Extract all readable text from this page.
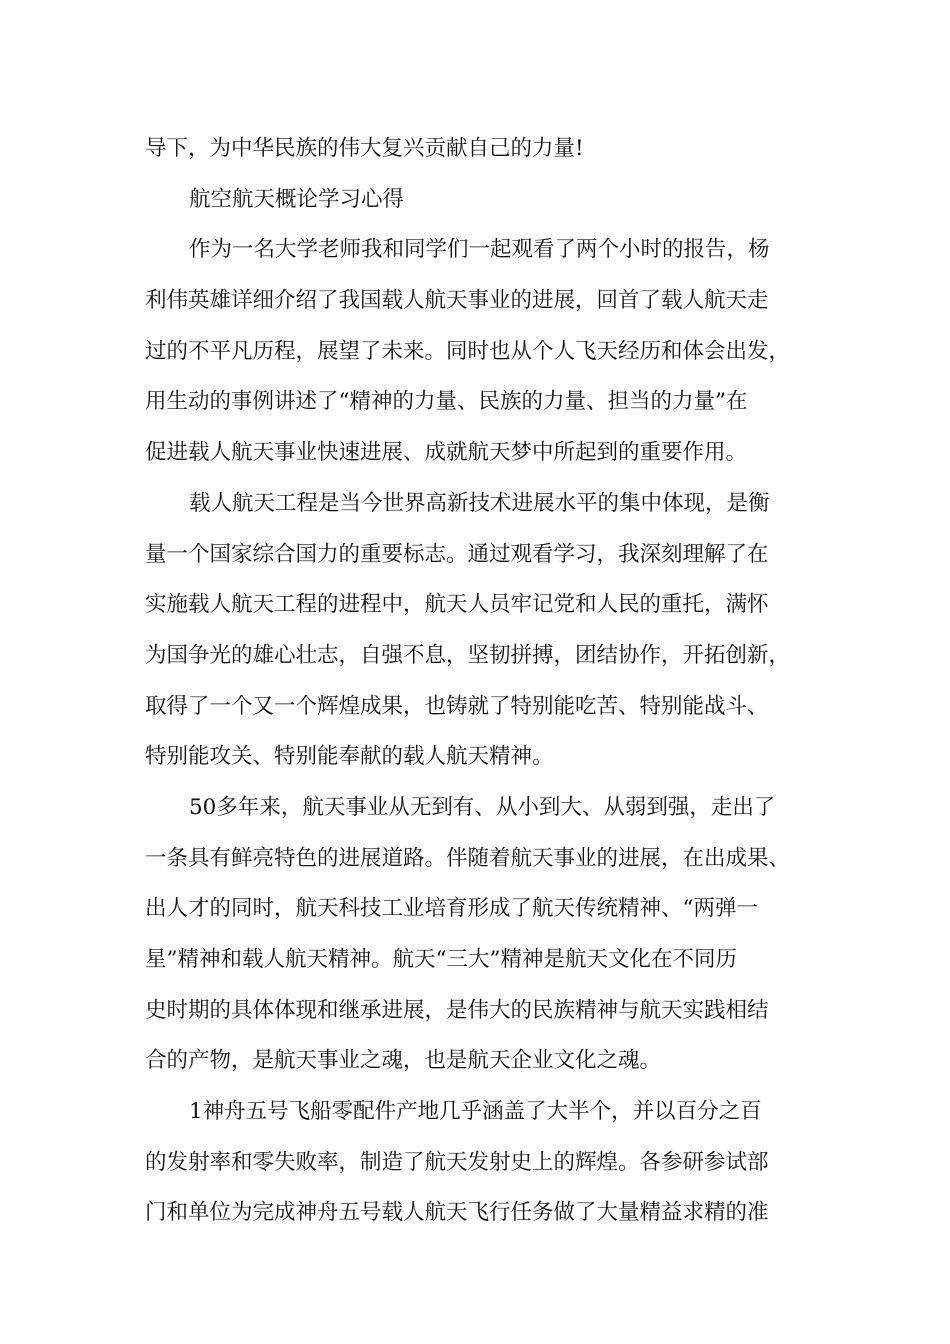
导下，为中华民族的伟大复兴贡献自己的力量!
航空航天概论学习心得
作为一名大学老师我和同学们一起观看了两个小时的报告，杨
利伟英雄详细介绍了我国载人航天事业的进展，回首了载人航天走
过的不平凡历程，展望了未来。同时也从个人飞天经历和体会出发，
用生动的事例讲述了“精神的力量、民族的力量、担当的力量”在
促进载人航天事业快速进展、成就航天梦中所起到的重要作用。
载人航天工程是当今世界高新技术进展水平的集中体现，是衡
量一个国家综合国力的重要标志。通过观看学习，我深刻理解了在
实施载人航天工程的进程中，航天人员牢记党和人民的重托，满怀
为国争光的雄心壮志，自强不息，坚韧拼搏，团结协作，开拓创新，
取得了一个又一个辉煌成果，也铸就了特别能吃苦、特别能战斗、
特别能攻关、特别能奉献的载人航天精神。
50多年来，航天事业从无到有、从小到大、从弱到强，走出了
一条具有鲜亮特色的进展道路。伴随着航天事业的进展，在出成果、
出人才的同时，航天科技工业培育形成了航天传统精神、“两弹一
星”精神和载人航天精神。航天“三大”精神是航天文化在不同历
史时期的具体体现和继承进展，是伟大的民族精神与航天实践相结
合的产物，是航天事业之魂，也是航天企业文化之魂。
1神舟五号飞船零配件产地几乎涵盖了大半个，并以百分之百
的发射率和零失败率，制造了航天发射史上的辉煌。各参研参试部
门和单位为完成神舟五号载人航天飞行任务做了大量精益求精的准
